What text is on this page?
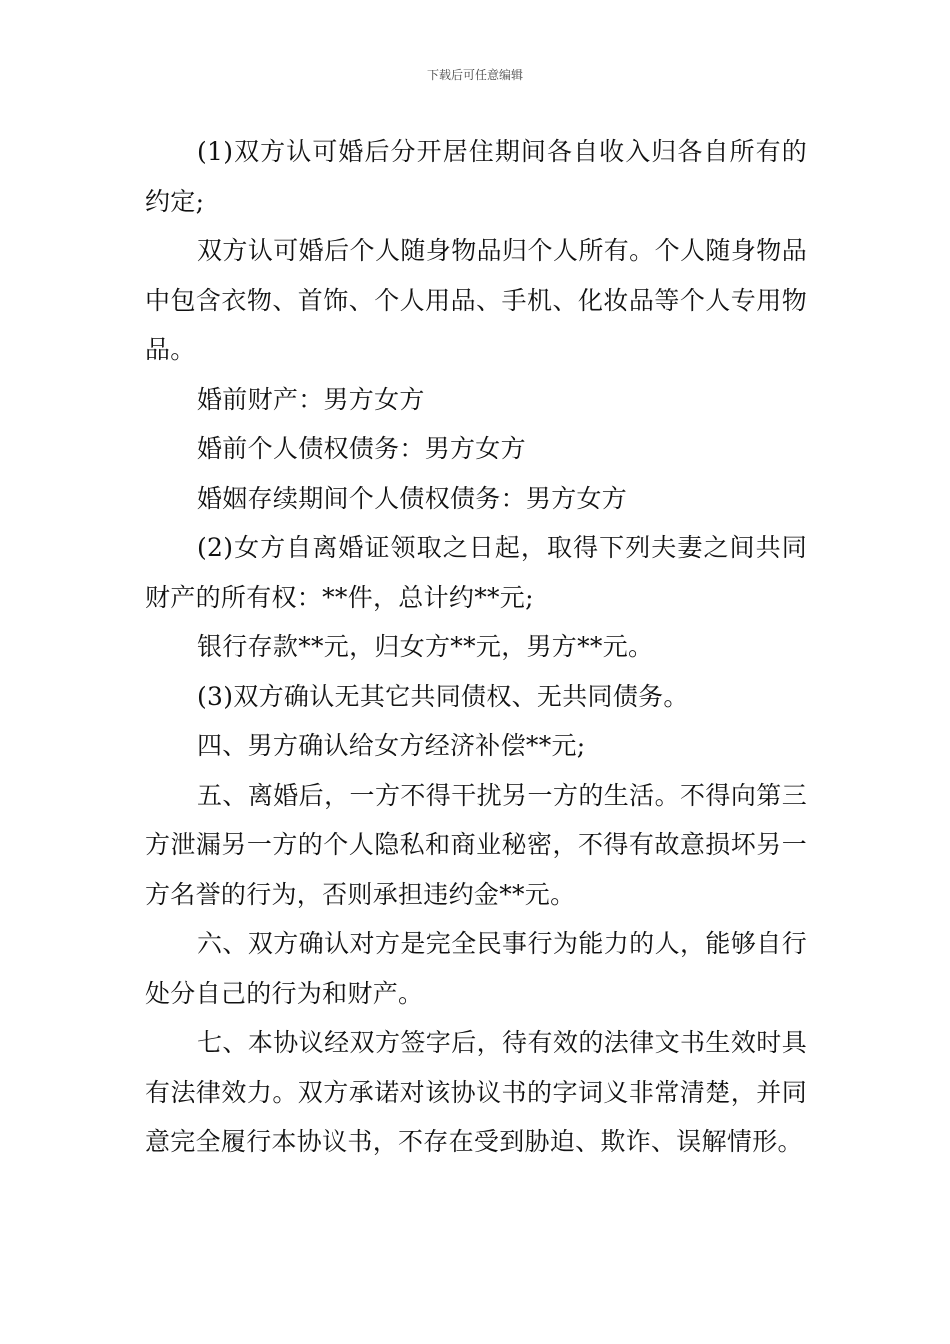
下载后可任意编辑

(1)双方认可婚后分开居住期间各自收入归各自所有的约定;

双方认可婚后个人随身物品归个人所有。个人随身物品中包含衣物、首饰、个人用品、手机、化妆品等个人专用物品。

婚前财产：男方女方

婚前个人债权债务：男方女方

婚姻存续期间个人债权债务：男方女方

(2)女方自离婚证领取之日起，取得下列夫妻之间共同财产的所有权：**件，总计约**元;

银行存款**元，归女方**元，男方**元。

(3)双方确认无其它共同债权、无共同债务。

四、男方确认给女方经济补偿**元;

五、离婚后，一方不得干扰另一方的生活。不得向第三方泄漏另一方的个人隐私和商业秘密，不得有故意损坏另一方名誉的行为，否则承担违约金**元。

六、双方确认对方是完全民事行为能力的人，能够自行处分自己的行为和财产。

七、本协议经双方签字后，待有效的法律文书生效时具有法律效力。双方承诺对该协议书的字词义非常清楚，并同意完全履行本协议书，不存在受到胁迫、欺诈、误解情形。
